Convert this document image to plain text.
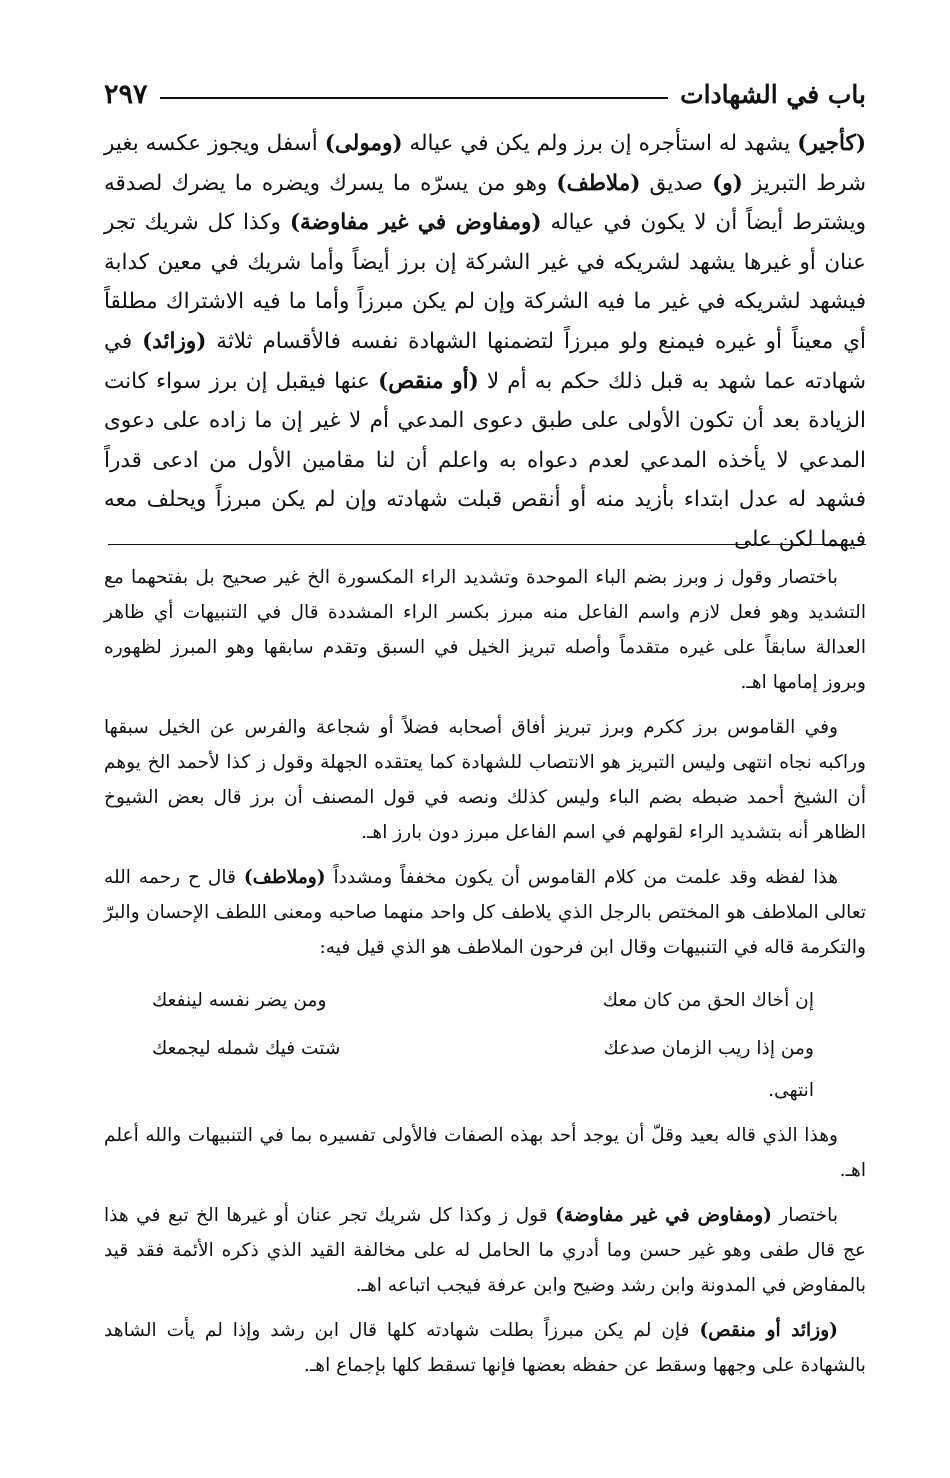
باب في الشهادات
٢٩٧

(كأجير) يشهد له استأجره إن برز ولم يكن في عياله (ومولى) أسفل ويجوز عكسه بغير شرط التبريز (و) صديق (ملاطف) وهو من يسرّه ما يسرك ويضره ما يضرك لصدقه ويشترط أيضاً أن لا يكون في عياله (ومفاوض في غير مفاوضة) وكذا كل شريك تجر عنان أو غيرها يشهد لشريكه في غير الشركة إن برز أيضاً وأما شريك في معين كدابة فيشهد لشريكه في غير ما فيه الشركة وإن لم يكن مبرزاً وأما ما فيه الاشتراك مطلقاً أي معيناً أو غيره فيمنع ولو مبرزاً لتضمنها الشهادة نفسه فالأقسام ثلاثة (وزائد) في شهادته عما شهد به قبل ذلك حكم به أم لا (أو منقص) عنها فيقبل إن برز سواء كانت الزيادة بعد أن تكون الأولى على طبق دعوى المدعي أم لا غير إن ما زاده على دعوى المدعي لا يأخذه المدعي لعدم دعواه به واعلم أن لنا مقامين الأول من ادعى قدراً فشهد له عدل ابتداء بأزيد منه أو أنقص قبلت شهادته وإن لم يكن مبرزاً ويحلف معه فيهما لكن على

باختصار وقول ز وبرز بضم الباء الموحدة وتشديد الراء المكسورة الخ غير صحيح بل بفتحهما مع التشديد وهو فعل لازم واسم الفاعل منه مبرز بكسر الراء المشددة قال في التنبيهات أي ظاهر العدالة سابقاً على غيره متقدماً وأصله تبريز الخيل في السبق وتقدم سابقها وهو المبرز لظهوره وبروز إمامها اهـ.

وفي القاموس برز ككرم وبرز تبريز أفاق أصحابه فضلاً أو شجاعة والفرس عن الخيل سبقها وراكبه نجاه انتهى وليس التبريز هو الانتصاب للشهادة كما يعتقده الجهلة وقول ز كذا لأحمد الخ يوهم أن الشيخ أحمد ضبطه بضم الباء وليس كذلك ونصه في قول المصنف أن برز قال بعض الشيوخ الظاهر أنه بتشديد الراء لقولهم في اسم الفاعل مبرز دون بارز اهـ.

هذا لفظه وقد علمت من كلام القاموس أن يكون مخففاً ومشدداً (وملاطف) قال ح رحمه الله تعالى الملاطف هو المختص بالرجل الذي يلاطف كل واحد منهما صاحبه ومعنى اللطف الإحسان والبرّ والتكرمة قاله في التنبيهات وقال ابن فرحون الملاطف هو الذي قيل فيه:

إن أخاك الحق من كان معك
ومن يضر نفسه لينفعك
ومن إذا ريب الزمان صدعك
شتت فيك شمله ليجمعك
انتهى.

وهذا الذي قاله بعيد وقلّ أن يوجد أحد بهذه الصفات فالأولى تفسيره بما في التنبيهات والله أعلم اهـ.

باختصار (ومفاوض في غير مفاوضة) قول ز وكذا كل شريك تجر عنان أو غيرها الخ تبع في هذا عج قال طفى وهو غير حسن وما أدري ما الحامل له على مخالفة القيد الذي ذكره الأئمة فقد قيد بالمفاوض في المدونة وابن رشد وضيح وابن عرفة فيجب اتباعه اهـ.

(وزائد أو منقص) فإن لم يكن مبرزاً بطلت شهادته كلها قال ابن رشد وإذا لم يأت الشاهد بالشهادة على وجهها وسقط عن حفظه بعضها فإنها تسقط كلها بإجماع اهـ.
